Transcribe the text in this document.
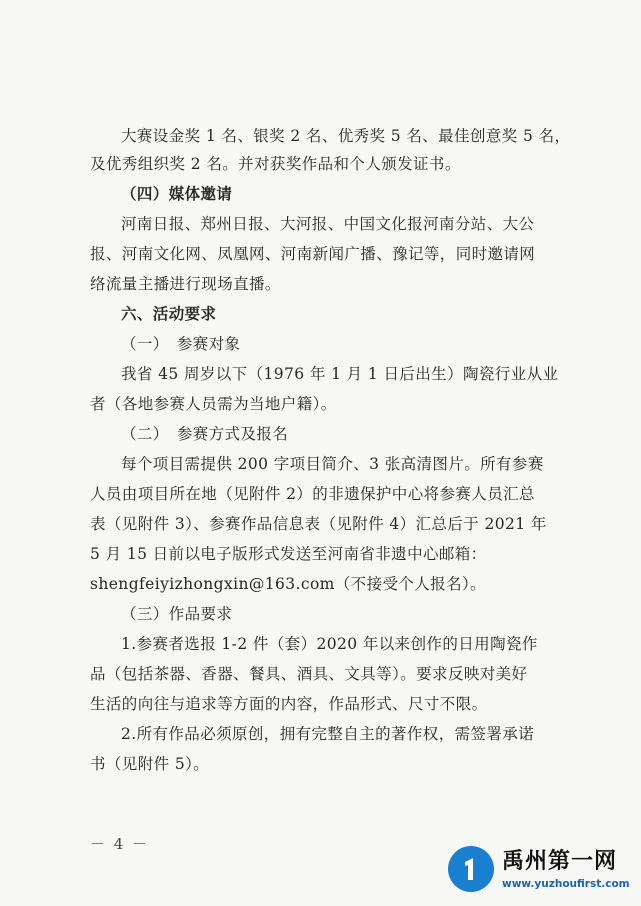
大赛设金奖 1 名、银奖 2 名、优秀奖 5 名、最佳创意奖 5 名，
及优秀组织奖 2 名。并对获奖作品和个人颁发证书。
（四）媒体邀请
河南日报、郑州日报、大河报、中国文化报河南分站、大公
报、河南文化网、凤凰网、河南新闻广播、豫记等，同时邀请网
络流量主播进行现场直播。
六、活动要求
（一）　参赛对象
我省 45 周岁以下（1976 年 1 月 1 日后出生）陶瓷行业从业
者（各地参赛人员需为当地户籍）。
（二）　参赛方式及报名
每个项目需提供 200 字项目简介、3 张高清图片。所有参赛
人员由项目所在地（见附件 2）的非遗保护中心将参赛人员汇总
表（见附件 3）、参赛作品信息表（见附件 4）汇总后于 2021 年
5 月 15 日前以电子版形式发送至河南省非遗中心邮箱：
shengfeiyizhongxin@163.com（不接受个人报名）。
（三）作品要求
1.参赛者选报 1-2 件（套）2020 年以来创作的日用陶瓷作
品（包括茶器、香器、餐具、酒具、文具等）。要求反映对美好
生活的向往与追求等方面的内容，作品形式、尺寸不限。
2.所有作品必须原创，拥有完整自主的著作权，需签署承诺
书（见附件 5）。
－ 4 －
禹州第一网
www.yuzhoufirst.com
